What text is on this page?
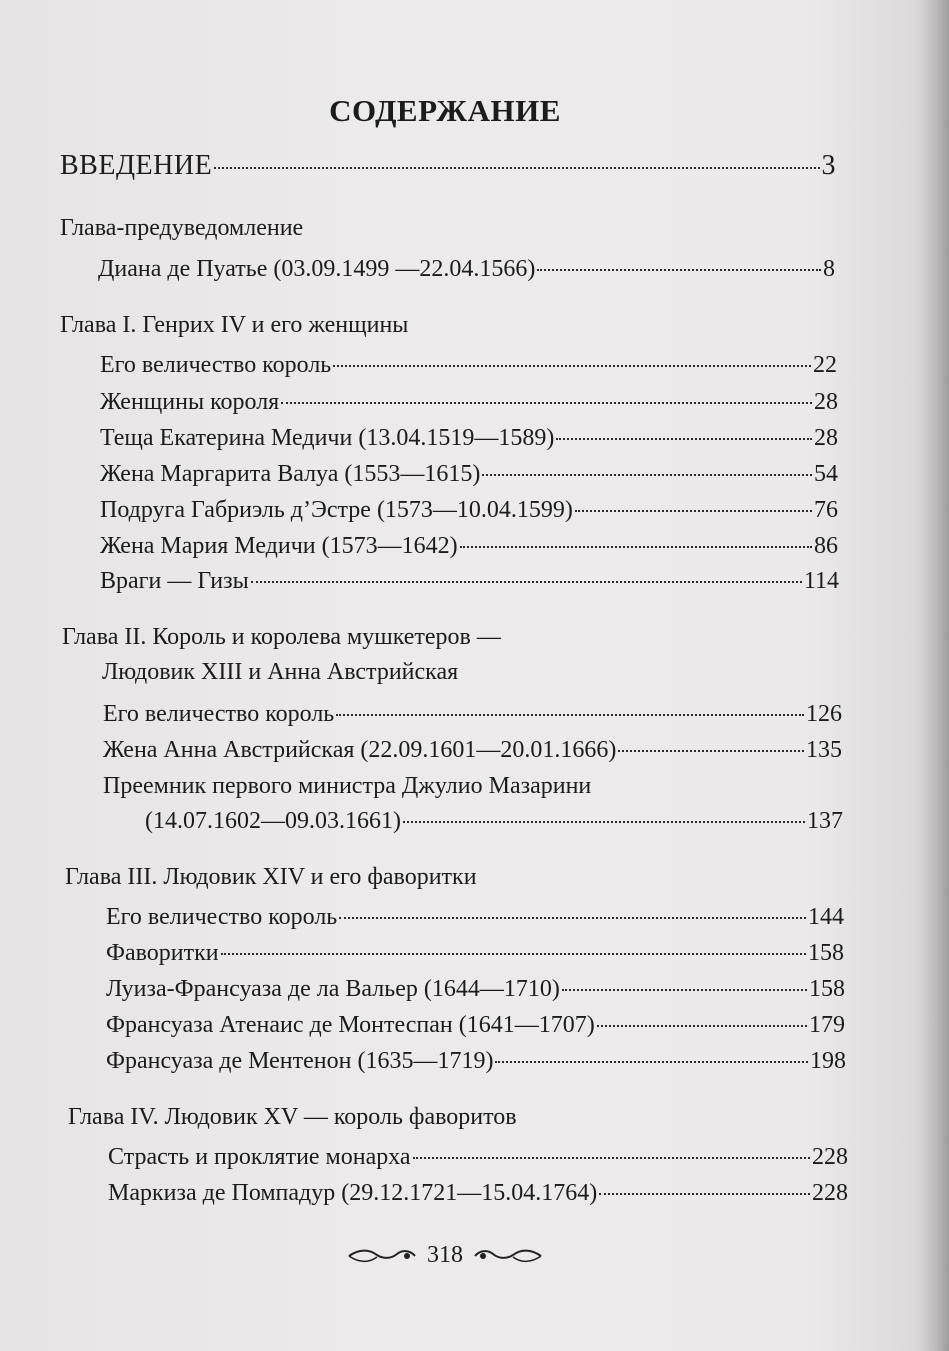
СОДЕРЖАНИЕ
ВВЕДЕНИЕ	3
Глава-предуведомление
Диана де Пуатье (03.09.1499 —22.04.1566)	8
Глава I. Генрих IV и его женщины
Его величество король	22
Женщины короля	28
Теща Екатерина Медичи (13.04.1519—1589)	28
Жена Маргарита Валуа (1553—1615)	54
Подруга Габриэль д’Эстре (1573—10.04.1599)	76
Жена Мария Медичи (1573—1642)	86
Враги — Гизы	114
Глава II. Король и королева мушкетеров —
Людовик XIII и Анна Австрийская
Его величество король	126
Жена Анна Австрийская (22.09.1601—20.01.1666)	135
Преемник первого министра Джулио Мазарини
(14.07.1602—09.03.1661)	137
Глава III. Людовик XIV и его фаворитки
Его величество король	144
Фаворитки	158
Луиза-Франсуаза де ла Вальер (1644—1710)	158
Франсуаза Атенаис де Монтеспан (1641—1707)	179
Франсуаза де Ментенон (1635—1719)	198
Глава IV. Людовик XV — король фаворитов
Страсть и проклятие монарха	228
Маркиза де Помпадур (29.12.1721—15.04.1764)	228
318
